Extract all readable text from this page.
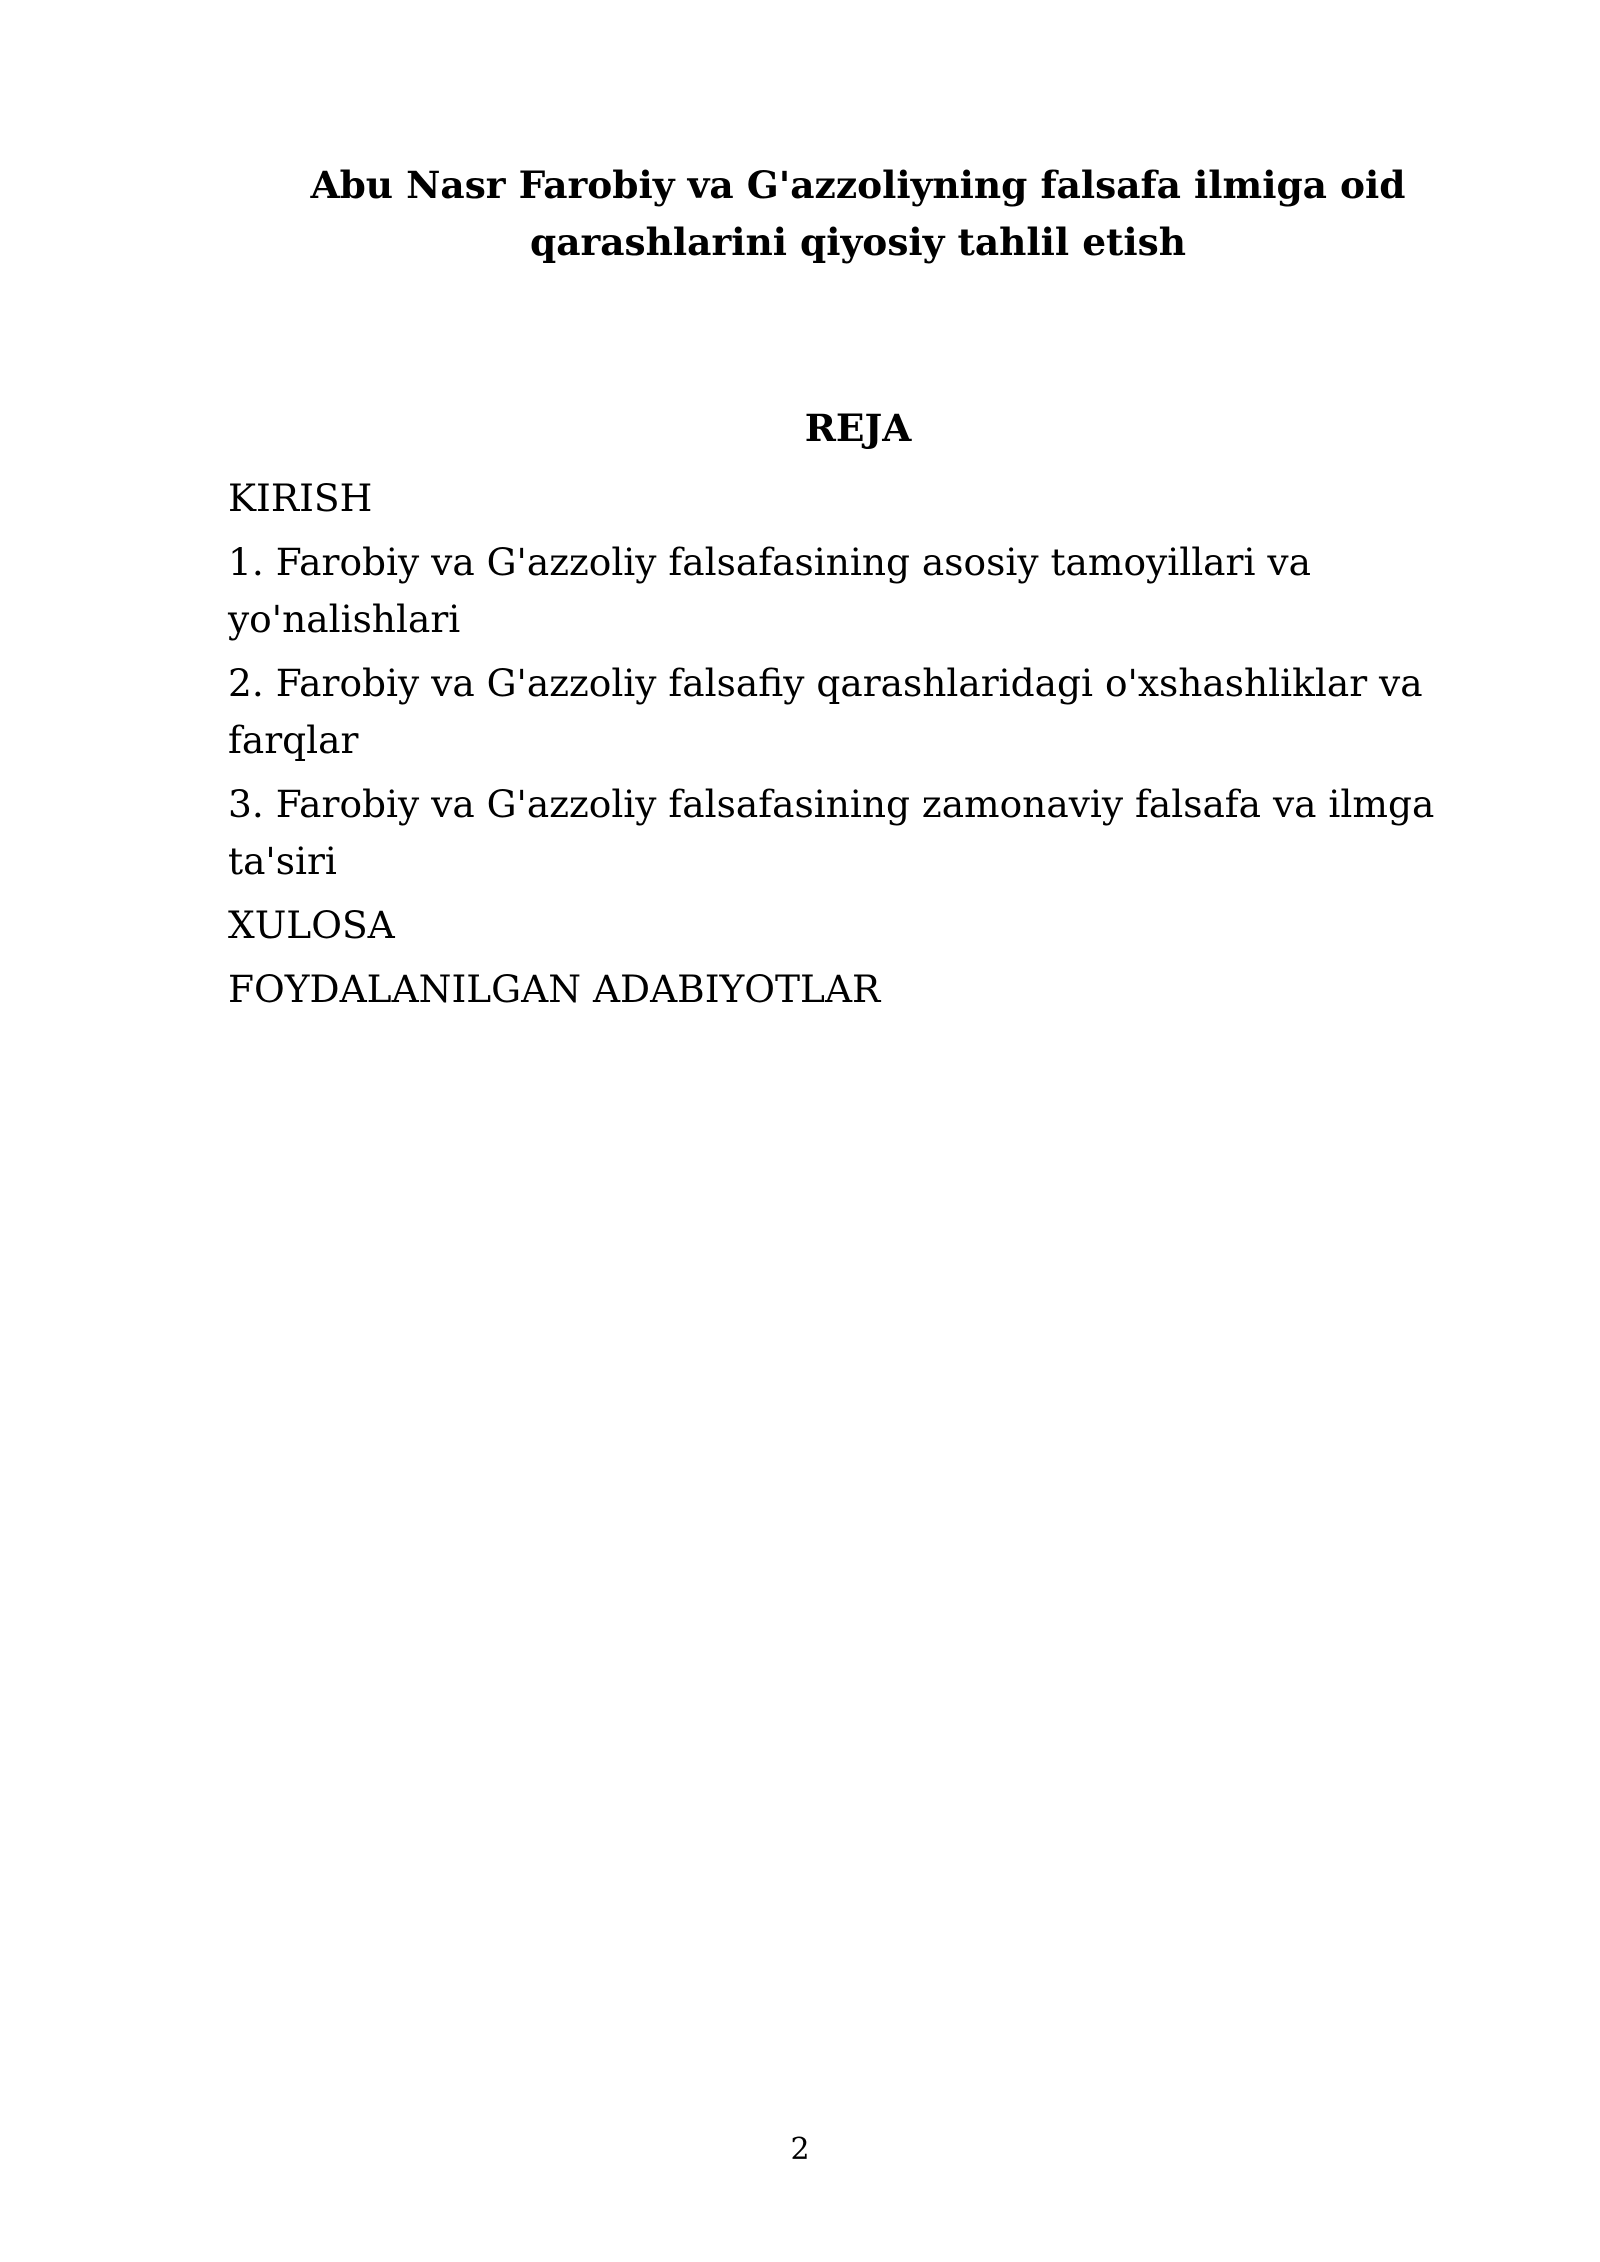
Abu Nasr Farobiy va G'azzoliyning falsafa ilmiga oid
qarashlarini qiyosiy tahlil etish
REJA
KIRISH
1. Farobiy va G'azzoliy falsafasining asosiy tamoyillari va
yo'nalishlari
2. Farobiy va G'azzoliy falsafiy qarashlaridagi o'xshashliklar va
farqlar
3. Farobiy va G'azzoliy falsafasining zamonaviy falsafa va ilmga
ta'siri
XULOSA
FOYDALANILGAN ADABIYOTLAR

2
